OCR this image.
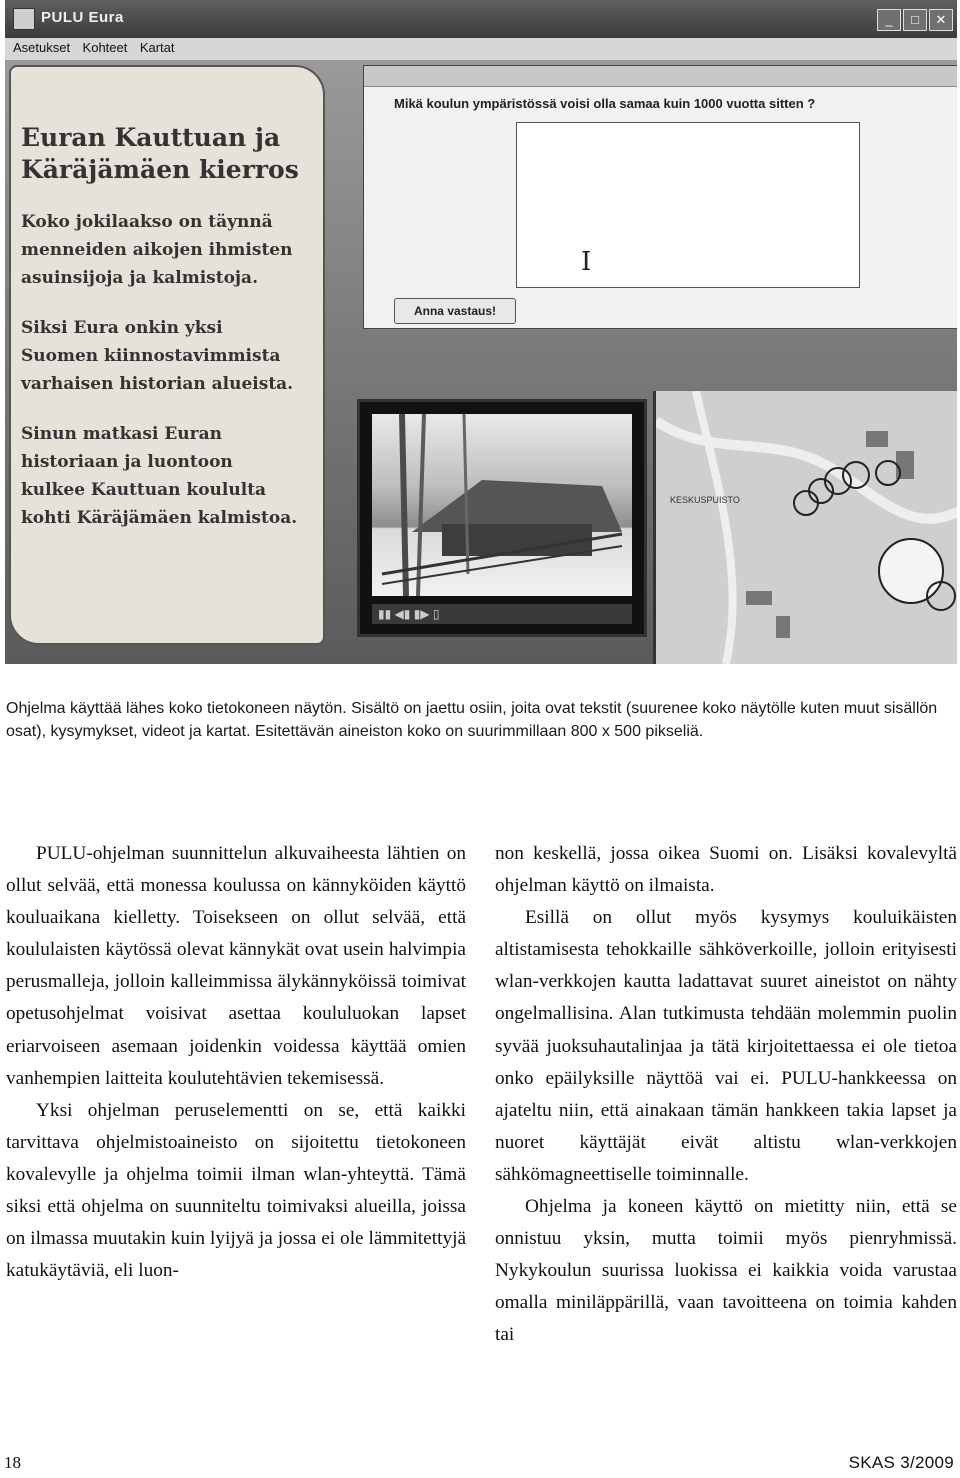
PULU Eura	_	□	✕
Asetukset Kohteet Kartat
Euran Kauttuan ja Käräjämäen kierros
Koko jokilaakso on täynnä menneiden aikojen ihmisten asuinsijoja ja kalmistoja.
Siksi Eura onkin yksi Suomen kiinnostavimmista varhaisen historian alueista.
Sinun matkasi Euran historiaan ja luontoon kulkee Kauttuan koululta kohti Käräjämäen kalmistoa.
Mikä koulun ympäristössä voisi olla samaa kuin 1000 vuotta sitten ?
I
Anna vastaus!
▮▮ ◀▮ ▮▶ ▯
KESKUSPUISTO
Ohjelma käyttää lähes koko tietokoneen näytön. Sisältö on jaettu osiin, joita ovat tekstit (suurenee koko näytölle kuten muut sisällön osat), kysymykset, videot ja kartat. Esitettävän aineiston koko on suurimmillaan 800 x 500 pikseliä.

PULU-ohjelman suunnittelun alkuvaiheesta lähtien on ollut selvää, että monessa koulussa on kännyköiden käyttö kouluaikana kielletty. Toisekseen on ollut selvää, että koululaisten käytössä olevat kännykät ovat usein halvimpia perusmalleja, jolloin kalleimmissa älykännyköissä toimivat opetusohjelmat voisivat asettaa koululuokan lapset eriarvoiseen asemaan joidenkin voidessa käyttää omien vanhempien laitteita koulutehtävien tekemisessä.

Yksi ohjelman peruselementti on se, että kaikki tarvittava ohjelmistoaineisto on sijoitettu tietokoneen kovalevylle ja ohjelma toimii ilman wlan-yhteyttä. Tämä siksi että ohjelma on suunniteltu toimivaksi alueilla, joissa on ilmassa muutakin kuin lyijyä ja jossa ei ole lämmitettyjä katukäytäviä, eli luon-

non keskellä, jossa oikea Suomi on. Lisäksi kovalevyltä ohjelman käyttö on ilmaista.

Esillä on ollut myös kysymys kouluikäisten altistamisesta tehokkaille sähköverkoille, jolloin erityisesti wlan-verkkojen kautta ladattavat suuret aineistot on nähty ongelmallisina. Alan tutkimusta tehdään molemmin puolin syvää juoksuhautalinjaa ja tätä kirjoitettaessa ei ole tietoa onko epäilyksille näyttöä vai ei. PULU-hankkeessa on ajateltu niin, että ainakaan tämän hankkeen takia lapset ja nuoret käyttäjät eivät altistu wlan-verkkojen sähkömagneettiselle toiminnalle.

Ohjelma ja koneen käyttö on mietitty niin, että se onnistuu yksin, mutta toimii myös pienryhmissä. Nykykoulun suurissa luokissa ei kaikkia voida varustaa omalla miniläppärillä, vaan tavoitteena on toimia kahden tai

18	SKAS 3/2009
